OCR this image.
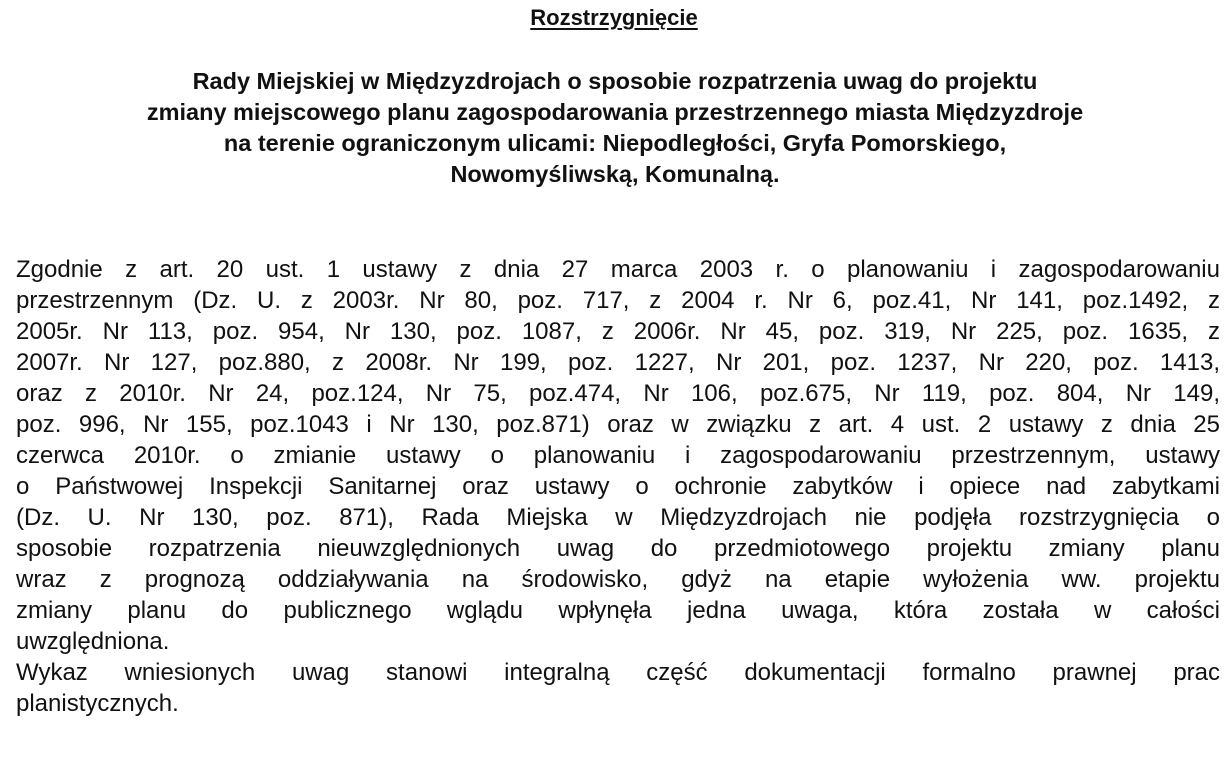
Rozstrzygnięcie
Rady Miejskiej w Międzyzdrojach o sposobie rozpatrzenia uwag do projektu
zmiany miejscowego planu zagospodarowania przestrzennego miasta Międzyzdroje
na terenie ograniczonym ulicami: Niepodległości, Gryfa Pomorskiego,
Nowomyśliwską, Komunalną.
Zgodnie z art. 20 ust. 1 ustawy z dnia 27 marca 2003 r. o planowaniu i zagospodarowaniu
przestrzennym (Dz. U. z 2003r. Nr 80, poz. 717, z 2004 r. Nr 6, poz.41, Nr 141, poz.1492, z
2005r. Nr 113, poz. 954, Nr 130, poz. 1087, z 2006r. Nr 45, poz. 319, Nr 225, poz. 1635, z
2007r. Nr 127, poz.880, z 2008r. Nr 199, poz. 1227, Nr 201, poz. 1237, Nr 220, poz. 1413,
oraz z 2010r. Nr 24, poz.124, Nr 75, poz.474, Nr 106, poz.675, Nr 119, poz. 804, Nr 149,
poz. 996, Nr 155, poz.1043 i Nr 130, poz.871) oraz w związku z art. 4 ust. 2 ustawy z dnia 25
czerwca 2010r. o zmianie ustawy o planowaniu i zagospodarowaniu przestrzennym, ustawy
o Państwowej Inspekcji Sanitarnej oraz ustawy o ochronie zabytków i opiece nad zabytkami
(Dz. U. Nr 130, poz. 871), Rada Miejska w Międzyzdrojach nie podjęła rozstrzygnięcia o
sposobie rozpatrzenia nieuwzględnionych uwag do przedmiotowego projektu zmiany planu
wraz z prognozą oddziaływania na środowisko, gdyż na etapie wyłożenia ww. projektu
zmiany planu do publicznego wglądu wpłynęła jedna uwaga, która została w całości
uwzględniona.
Wykaz wniesionych uwag stanowi integralną część dokumentacji formalno prawnej prac
planistycznych.
